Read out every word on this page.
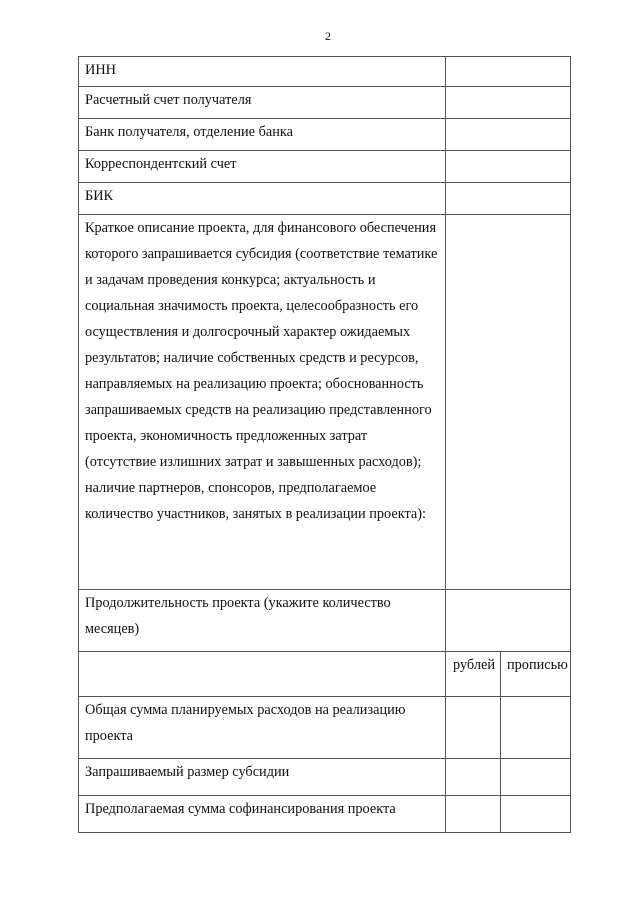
2
ИНН		
Расчетный счет получателя		
Банк получателя, отделение банка		
Корреспондентский счет		
БИК		
Краткое описание проекта, для финансового обеспечения которого запрашивается субсидия (соответствие тематике и задачам проведения конкурса; актуальность и социальная значимость проекта, целесообразность его осуществления и долгосрочный характер ожидаемых результатов; наличие собственных средств и ресурсов, направляемых на реализацию проекта; обоснованность запрашиваемых средств на реализацию представленного проекта, экономичность предложенных затрат (отсутствие излишних затрат и завышенных расходов); наличие партнеров, спонсоров, предполагаемое количество участников, занятых в реализации проекта):		
Продолжительность проекта (укажите количество месяцев)		
	рублей	прописью
Общая сумма планируемых расходов на реализацию проекта		
Запрашиваемый размер субсидии		
Предполагаемая сумма софинансирования проекта		
